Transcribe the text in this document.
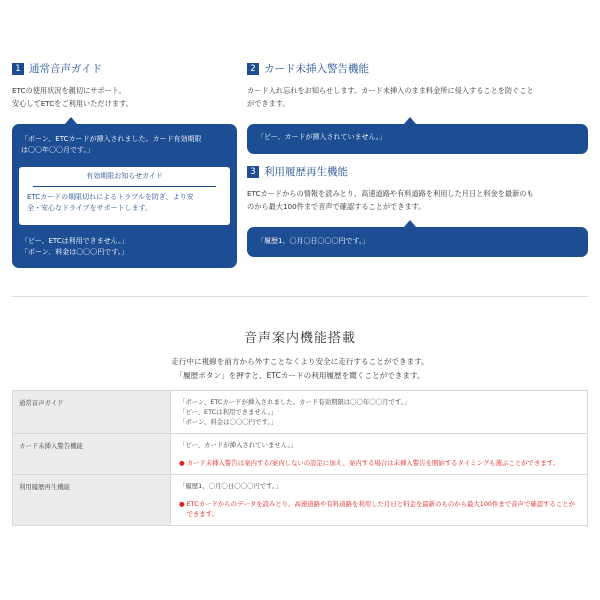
1 通常音声ガイド
ETCの使用状況を親切にサポート。
安心してETCをご利用いただけます。
「ポーン、ETCカードが挿入されました。カード有効期限
は〇〇年〇〇月です。」
有効期限お知らせガイド
ETCカードの期限切れによるトラブルを防ぎ、より安
全・安心なドライブをサポートします。
「ピー、ETCは利用できません。」
「ポーン、料金は〇〇〇円です。」
2 カード未挿入警告機能
カード入れ忘れをお知らせします。カード未挿入のまま料金所に侵入することを防ぐこと
ができます。
「ピー、カードが挿入されていません。」
3 利用履歴再生機能
ETCカードからの情報を読みとり、高速道路や有料道路を利用した月日と料金を最新のも
のから最大100件まで音声で確認することができます。
「履歴1、〇月〇日〇〇〇円です。」
音声案内機能搭載
走行中に視線を前方から外すことなくより安全に走行することができます。
「履歴ボタン」を押すと、ETCカードの利用履歴を聞くことができます。
通常音声ガイド	「ポーン、ETCカードが挿入されました。カード有効期限は〇〇年〇〇月です。」
「ピー、ETCは利用できません。」
「ポーン、料金は〇〇〇円です。」

カード未挿入警告機能	「ピー、カードが挿入されていません。」
● カード未挿入警告は案内する/案内しないの設定に加え、案内する場合は未挿入警告を開始するタイミングも選ぶことができます。

利用履歴再生機能	「履歴1、〇月〇日〇〇〇円です。」
● ETCカードからのデータを読みとり、高速道路や有料道路を利用した月日と料金を最新のものから最大100件まで音声で確認することができます。
